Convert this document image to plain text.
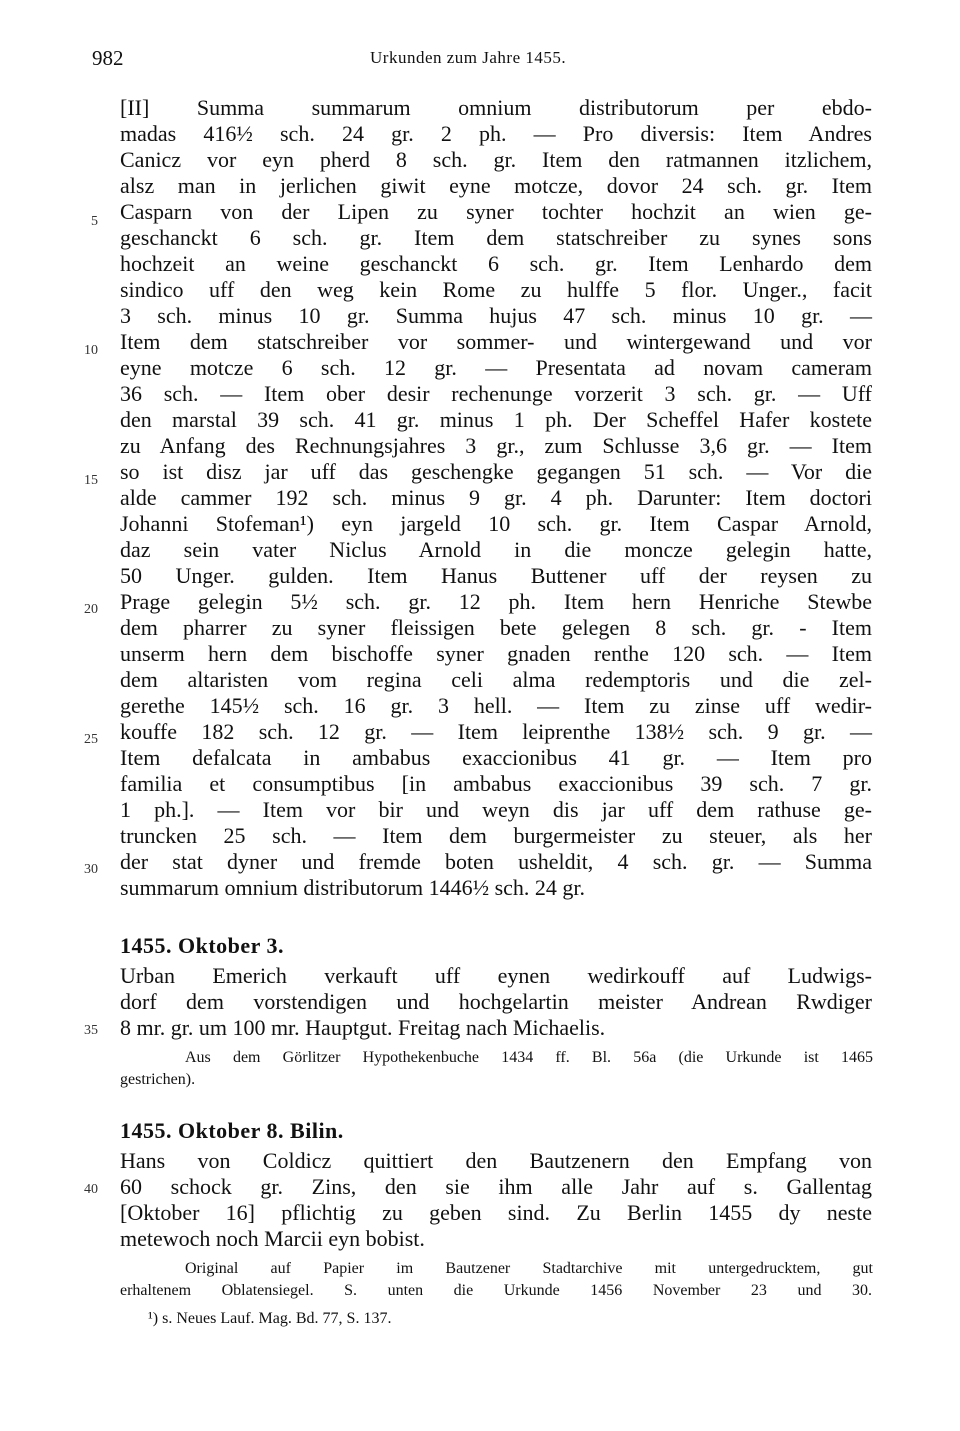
982	Urkunden zum Jahre 1455.
5
10
15
20
25
30
35
40
[II] Summa summarum omnium distributorum per ebdo-
madas 416½ sch. 24 gr. 2 ph. — Pro diversis: Item Andres
Canicz vor eyn pherd 8 sch. gr. Item den ratmannen itzlichem,
alsz man in jerlichen giwit eyne motcze, dovor 24 sch. gr. Item
Casparn von der Lipen zu syner tochter hochzit an wien ge-
geschanckt 6 sch. gr. Item dem statschreiber zu synes sons
hochzeit an weine geschanckt 6 sch. gr. Item Lenhardo dem
sindico uff den weg kein Rome zu hulffe 5 flor. Unger., facit
3 sch. minus 10 gr. Summa hujus 47 sch. minus 10 gr. —
Item dem statschreiber vor sommer- und wintergewand und vor
eyne motcze 6 sch. 12 gr. — Presentata ad novam cameram
36 sch. — Item ober desir rechenunge vorzerit 3 sch. gr. — Uff
den marstal 39 sch. 41 gr. minus 1 ph. Der Scheffel Hafer kostete
zu Anfang des Rechnungsjahres 3 gr., zum Schlusse 3,6 gr. — Item
so ist disz jar uff das geschengke gegangen 51 sch. — Vor die
alde cammer 192 sch. minus 9 gr. 4 ph. Darunter: Item doctori
Johanni Stofeman¹) eyn jargeld 10 sch. gr. Item Caspar Arnold,
daz sein vater Niclus Arnold in die moncze gelegin hatte,
50 Unger. gulden. Item Hanus Buttener uff der reysen zu
Prage gelegin 5½ sch. gr. 12 ph. Item hern Henriche Stewbe
dem pharrer zu syner fleissigen bete gelegen 8 sch. gr. - Item
unserm hern dem bischoffe syner gnaden renthe 120 sch. — Item
dem altaristen vom regina celi alma redemptoris und die zel-
gerethe 145½ sch. 16 gr. 3 hell. — Item zu zinse uff wedir-
kouffe 182 sch. 12 gr. — Item leiprenthe 138½ sch. 9 gr. —
Item defalcata in ambabus exaccionibus 41 gr. — Item pro
familia et consumptibus [in ambabus exaccionibus 39 sch. 7 gr.
1 ph.]. — Item vor bir und weyn dis jar uff dem rathuse ge-
truncken 25 sch. — Item dem burgermeister zu steuer, als her
der stat dyner und fremde boten usheldit, 4 sch. gr. — Summa
summarum omnium distributorum 1446½ sch. 24 gr.
1455. Oktober 3.
Urban Emerich verkauft uff eynen wedirkouff auf Ludwigs-
dorf dem vorstendigen und hochgelartin meister Andrean Rwdiger
8 mr. gr. um 100 mr. Hauptgut. Freitag nach Michaelis.
Aus dem Görlitzer Hypothekenbuche 1434 ff. Bl. 56a (die Urkunde ist 1465
gestrichen).
1455. Oktober 8. Bilin.
Hans von Coldicz quittiert den Bautzenern den Empfang von
60 schock gr. Zins, den sie ihm alle Jahr auf s. Gallentag
[Oktober 16] pflichtig zu geben sind. Zu Berlin 1455 dy neste
metewoch noch Marcii eyn bobist.
Original auf Papier im Bautzener Stadtarchive mit untergedrucktem, gut
erhaltenem Oblatensiegel. S. unten die Urkunde 1456 November 23 und 30.
¹) s. Neues Lauf. Mag. Bd. 77, S. 137.
